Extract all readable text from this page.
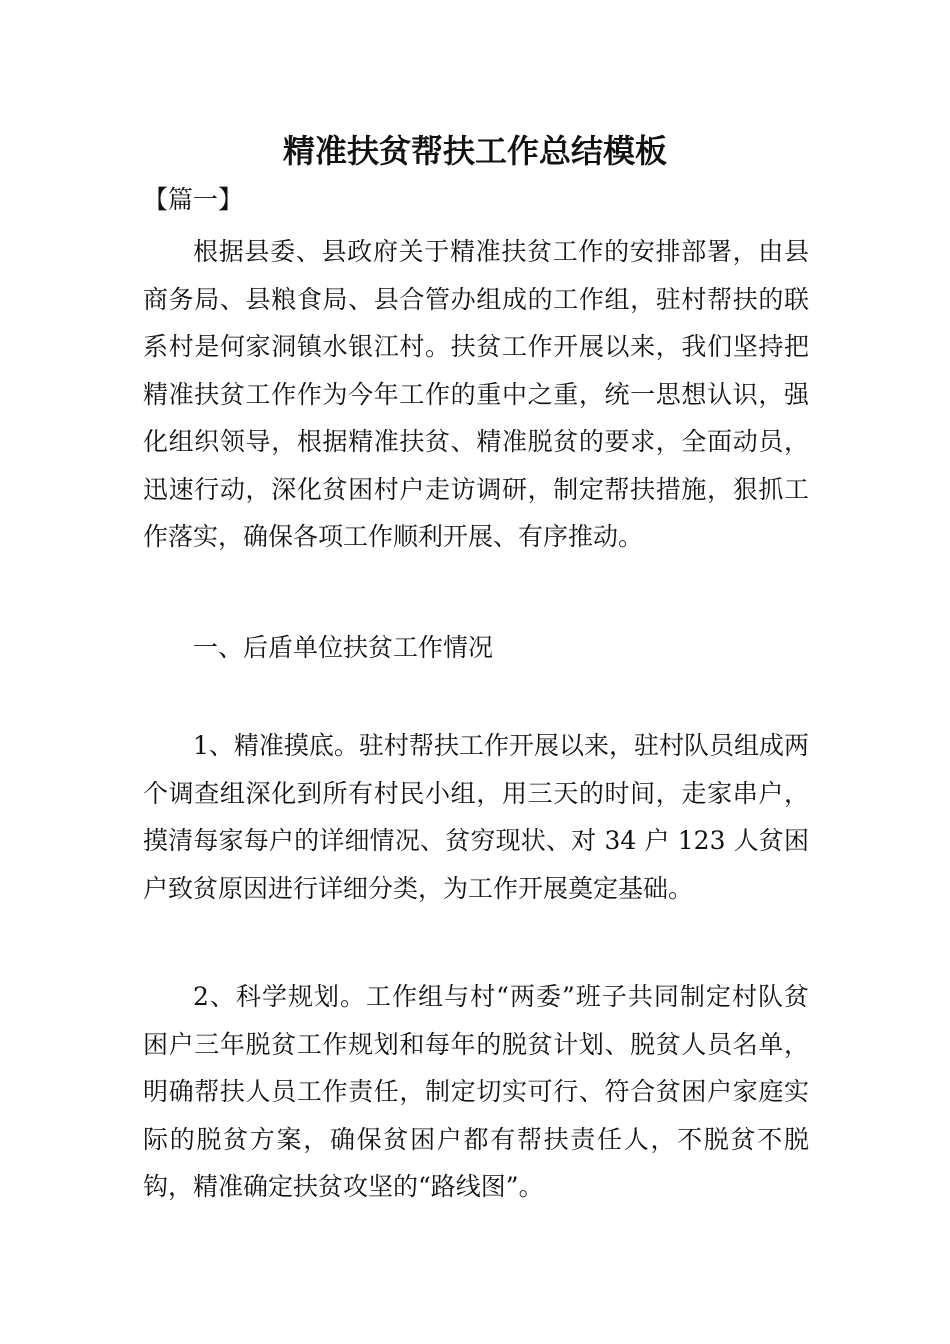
精准扶贫帮扶工作总结模板

【篇一】

根据县委、县政府关于精准扶贫工作的安排部署，由县商务局、县粮食局、县合管办组成的工作组，驻村帮扶的联系村是何家洞镇水银江村。扶贫工作开展以来，我们坚持把精准扶贫工作作为今年工作的重中之重，统一思想认识，强化组织领导，根据精准扶贫、精准脱贫的要求，全面动员，迅速行动，深化贫困村户走访调研，制定帮扶措施，狠抓工作落实，确保各项工作顺利开展、有序推动。

一、后盾单位扶贫工作情况

1、精准摸底。驻村帮扶工作开展以来，驻村队员组成两个调查组深化到所有村民小组，用三天的时间，走家串户，摸清每家每户的详细情况、贫穷现状、对 34 户 123 人贫困户致贫原因进行详细分类，为工作开展奠定基础。

2、科学规划。工作组与村“两委”班子共同制定村队贫困户三年脱贫工作规划和每年的脱贫计划、脱贫人员名单，明确帮扶人员工作责任，制定切实可行、符合贫困户家庭实际的脱贫方案，确保贫困户都有帮扶责任人，不脱贫不脱钩，精准确定扶贫攻坚的“路线图”。
